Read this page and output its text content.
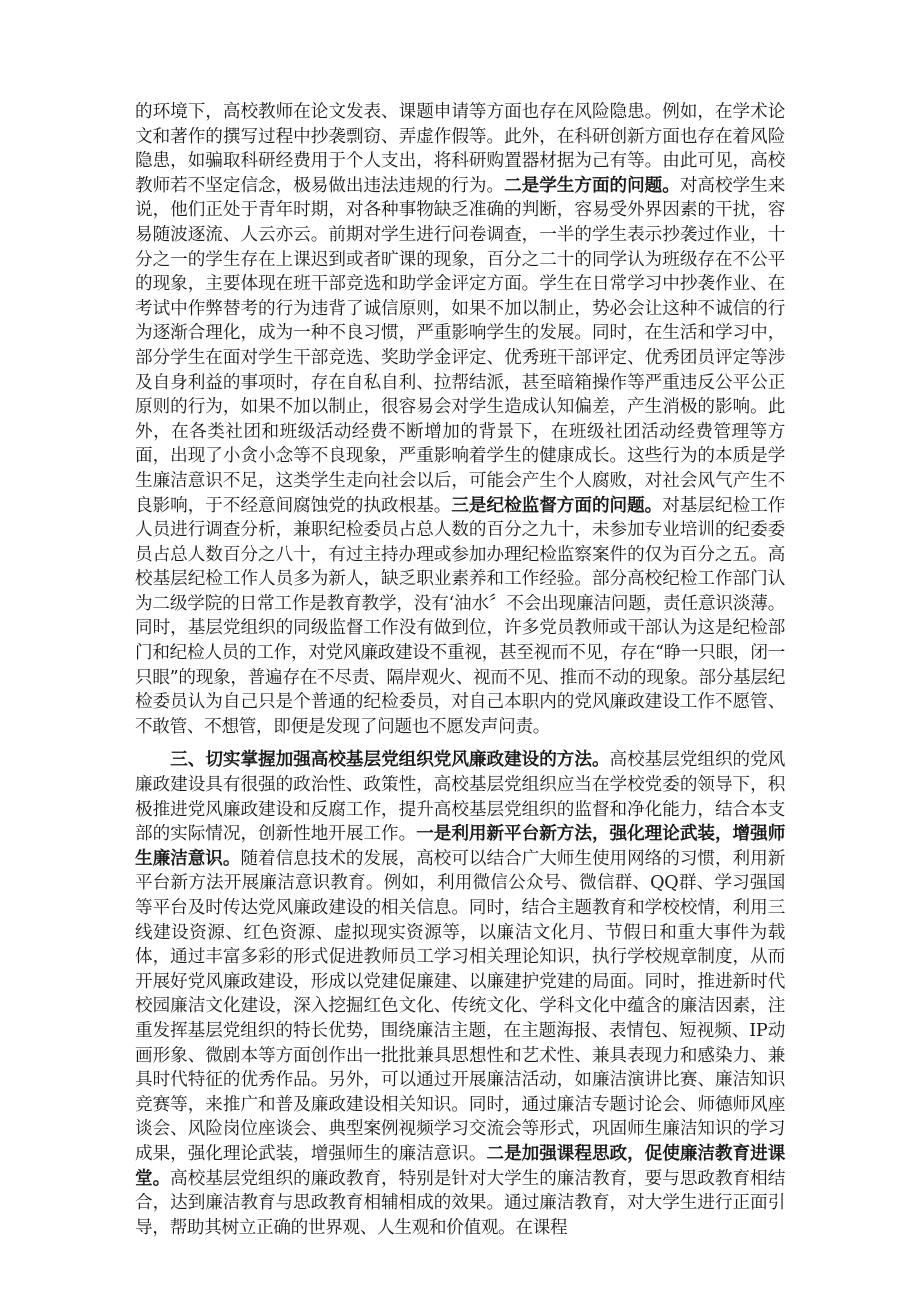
的环境下，高校教师在论文发表、课题申请等方面也存在风险隐患。例如，在学术论文和著作的撰写过程中抄袭剽窃、弄虚作假等。此外，在科研创新方面也存在着风险隐患，如骗取科研经费用于个人支出，将科研购置器材据为己有等。由此可见，高校教师若不坚定信念，极易做出违法违规的行为。二是学生方面的问题。对高校学生来说，他们正处于青年时期，对各种事物缺乏准确的判断，容易受外界因素的干扰，容易随波逐流、人云亦云。前期对学生进行问卷调查，一半的学生表示抄袭过作业，十分之一的学生存在上课迟到或者旷课的现象，百分之二十的同学认为班级存在不公平的现象，主要体现在班干部竞选和助学金评定方面。学生在日常学习中抄袭作业、在考试中作弊替考的行为违背了诚信原则，如果不加以制止，势必会让这种不诚信的行为逐渐合理化，成为一种不良习惯，严重影响学生的发展。同时，在生活和学习中，部分学生在面对学生干部竞选、奖助学金评定、优秀班干部评定、优秀团员评定等涉及自身利益的事项时，存在自私自利、拉帮结派，甚至暗箱操作等严重违反公平公正原则的行为，如果不加以制止，很容易会对学生造成认知偏差，产生消极的影响。此外，在各类社团和班级活动经费不断增加的背景下，在班级社团活动经费管理等方面，出现了小贪小念等不良现象，严重影响着学生的健康成长。这些行为的本质是学生廉洁意识不足，这类学生走向社会以后，可能会产生个人腐败，对社会风气产生不良影响，于不经意间腐蚀党的执政根基。三是纪检监督方面的问题。对基层纪检工作人员进行调查分析，兼职纪检委员占总人数的百分之九十，未参加专业培训的纪委委员占总人数百分之八十，有过主持办理或参加办理纪检监察案件的仅为百分之五。高校基层纪检工作人员多为新人，缺乏职业素养和工作经验。部分高校纪检工作部门认为二级学院的日常工作是教育教学，没有‘油水〞不会出现廉洁问题，责任意识淡薄。同时，基层党组织的同级监督工作没有做到位，许多党员教师或干部认为这是纪检部门和纪检人员的工作，对党风廉政建设不重视，甚至视而不见，存在“睁一只眼，闭一只眼”的现象，普遍存在不尽责、隔岸观火、视而不见、推而不动的现象。部分基层纪检委员认为自己只是个普通的纪检委员，对自己本职内的党风廉政建设工作不愿管、不敢管、不想管，即便是发现了问题也不愿发声问责。

三、切实掌握加强高校基层党组织党风廉政建设的方法。高校基层党组织的党风廉政建设具有很强的政治性、政策性，高校基层党组织应当在学校党委的领导下，积极推进党风廉政建设和反腐工作，提升高校基层党组织的监督和净化能力，结合本支部的实际情况，创新性地开展工作。一是利用新平台新方法，强化理论武装，增强师生廉洁意识。随着信息技术的发展，高校可以结合广大师生使用网络的习惯，利用新平台新方法开展廉洁意识教育。例如，利用微信公众号、微信群、QQ群、学习强国等平台及时传达党风廉政建设的相关信息。同时，结合主题教育和学校校情，利用三线建设资源、红色资源、虚拟现实资源等，以廉洁文化月、节假日和重大事件为载体，通过丰富多彩的形式促进教师员工学习相关理论知识，执行学校规章制度，从而开展好党风廉政建设，形成以党建促廉建、以廉建护党建的局面。同时，推进新时代校园廉洁文化建设，深入挖掘红色文化、传统文化、学科文化中蕴含的廉洁因素，注重发挥基层党组织的特长优势，围绕廉洁主题，在主题海报、表情包、短视频、IP动画形象、微剧本等方面创作出一批批兼具思想性和艺术性、兼具表现力和感染力、兼具时代特征的优秀作品。另外，可以通过开展廉洁活动，如廉洁演讲比赛、廉洁知识竞赛等，来推广和普及廉政建设相关知识。同时，通过廉洁专题讨论会、师德师风座谈会、风险岗位座谈会、典型案例视频学习交流会等形式，巩固师生廉洁知识的学习成果，强化理论武装，增强师生的廉洁意识。二是加强课程思政，促使廉洁教育进课堂。高校基层党组织的廉政教育，特别是针对大学生的廉洁教育，要与思政教育相结合，达到廉洁教育与思政教育相辅相成的效果。通过廉洁教育，对大学生进行正面引导，帮助其树立正确的世界观、人生观和价值观。在课程
